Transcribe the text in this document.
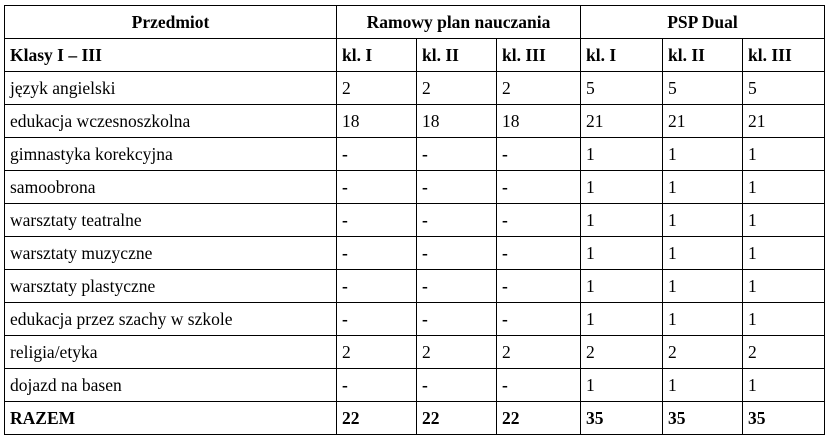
Przedmiot	Ramowy plan nauczania			PSP Dual		
Klasy I – III	kl. I	kl. II	kl. III	kl. I	kl. II	kl. III
język angielski	2	2	2	5	5	5
edukacja wczesnoszkolna	18	18	18	21	21	21
gimnastyka korekcyjna	-	-	-	1	1	1
samoobrona	-	-	-	1	1	1
warsztaty teatralne	-	-	-	1	1	1
warsztaty muzyczne	-	-	-	1	1	1
warsztaty plastyczne	-	-	-	1	1	1
edukacja przez szachy w szkole	-	-	-	1	1	1
religia/etyka	2	2	2	2	2	2
dojazd na basen	-	-	-	1	1	1
RAZEM	22	22	22	35	35	35
